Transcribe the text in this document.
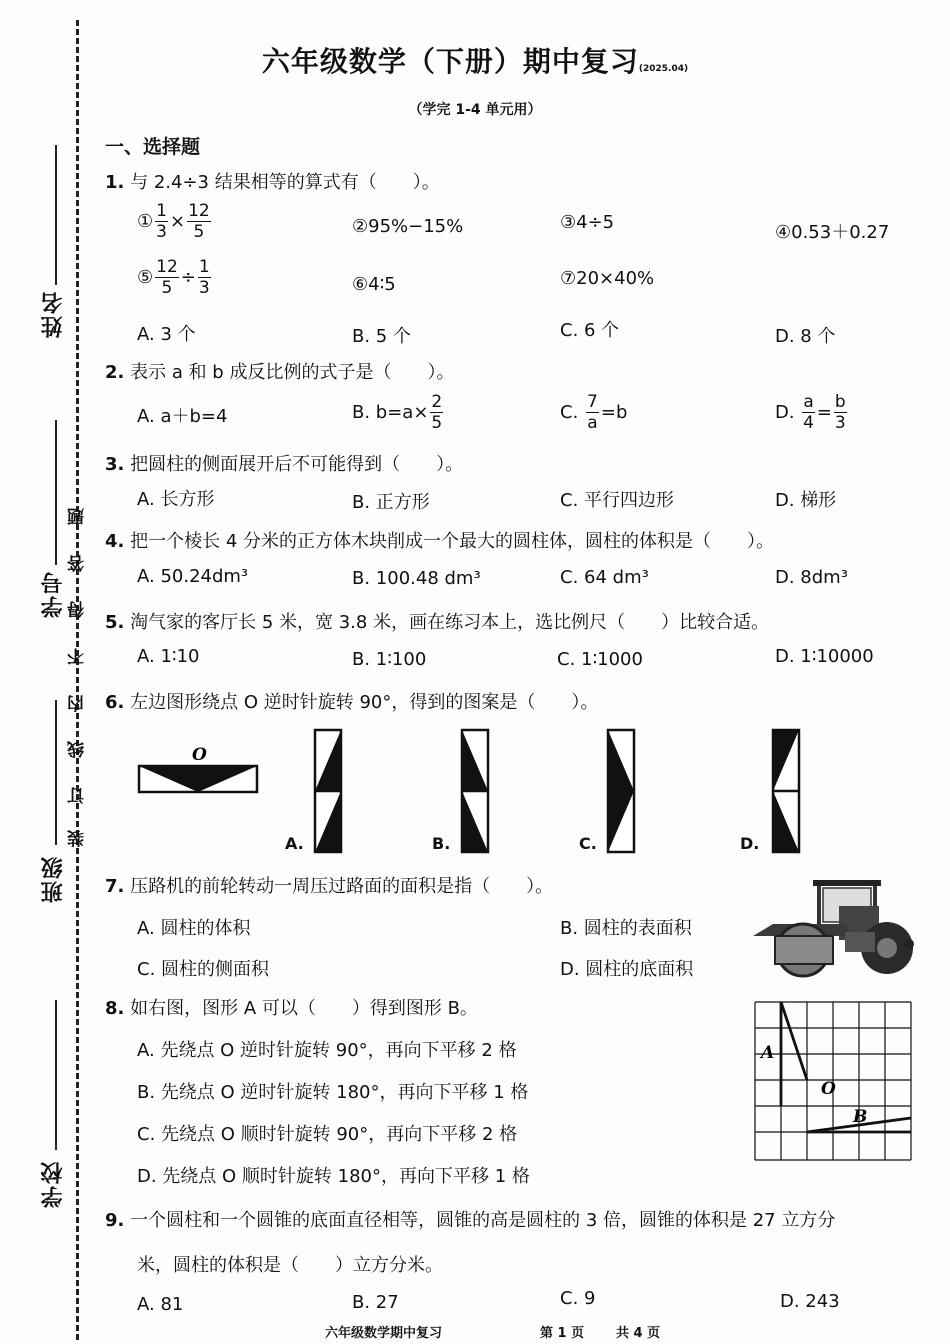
姓名
学号
班级
学校
装
订
线
内
不
得
答
题
六年级数学（下册）期中复习(2025.04)
（学完 1-4 单元用）
一、选择题
1. 与 2.4÷3 结果相等的算式有（　　）。
① $\frac{1}{3} \times \frac{12}{5}$	②95%−15%	③4÷5	④0.53＋0.27
⑤ $\frac{12}{5} \div \frac{1}{3}$	⑥4∶5	⑦20×40%
A. 3 个	B. 5 个	C. 6 个	D. 8 个
2. 表示 a 和 b 成反比例的式子是（　　）。
A. a＋b=4	B. $b=a\times \frac{2}{5}$	C. $\frac{7}{a} =b$	D. $\frac{a}{4} = \frac{b}{3}$
3. 把圆柱的侧面展开后不可能得到（　　）。
A. 长方形	B. 正方形	C. 平行四边形	D. 梯形
4. 把一个棱长 4 分米的正方体木块削成一个最大的圆柱体，圆柱的体积是（　　）。
A. 50.24dm³	B. 100.48 dm³	C. 64 dm³	D. 8dm³
5. 淘气家的客厅长 5 米，宽 3.8 米，画在练习本上，选比例尺（　　）比较合适。
A. 1∶10	B. 1∶100	C. 1∶1000	D. 1∶10000
6. 左边图形绕点 O 逆时针旋转 90°，得到的图案是（　　）。
O
A.	B.	C.	D.
7. 压路机的前轮转动一周压过路面的面积是指（　　）。
A. 圆柱的体积	B. 圆柱的表面积
C. 圆柱的侧面积	D. 圆柱的底面积
8. 如右图，图形 A 可以（　　）得到图形 B。
A. 先绕点 O 逆时针旋转 90°，再向下平移 2 格
B. 先绕点 O 逆时针旋转 180°，再向下平移 1 格
C. 先绕点 O 顺时针旋转 90°，再向下平移 2 格
D. 先绕点 O 顺时针旋转 180°，再向下平移 1 格
A
O
B
9. 一个圆柱和一个圆锥的底面直径相等，圆锥的高是圆柱的 3 倍，圆锥的体积是 27 立方分
米，圆柱的体积是（　　）立方分米。
A. 81	B. 27	C. 9	D. 243
六年级数学期中复习	第 1 页 共 4 页
